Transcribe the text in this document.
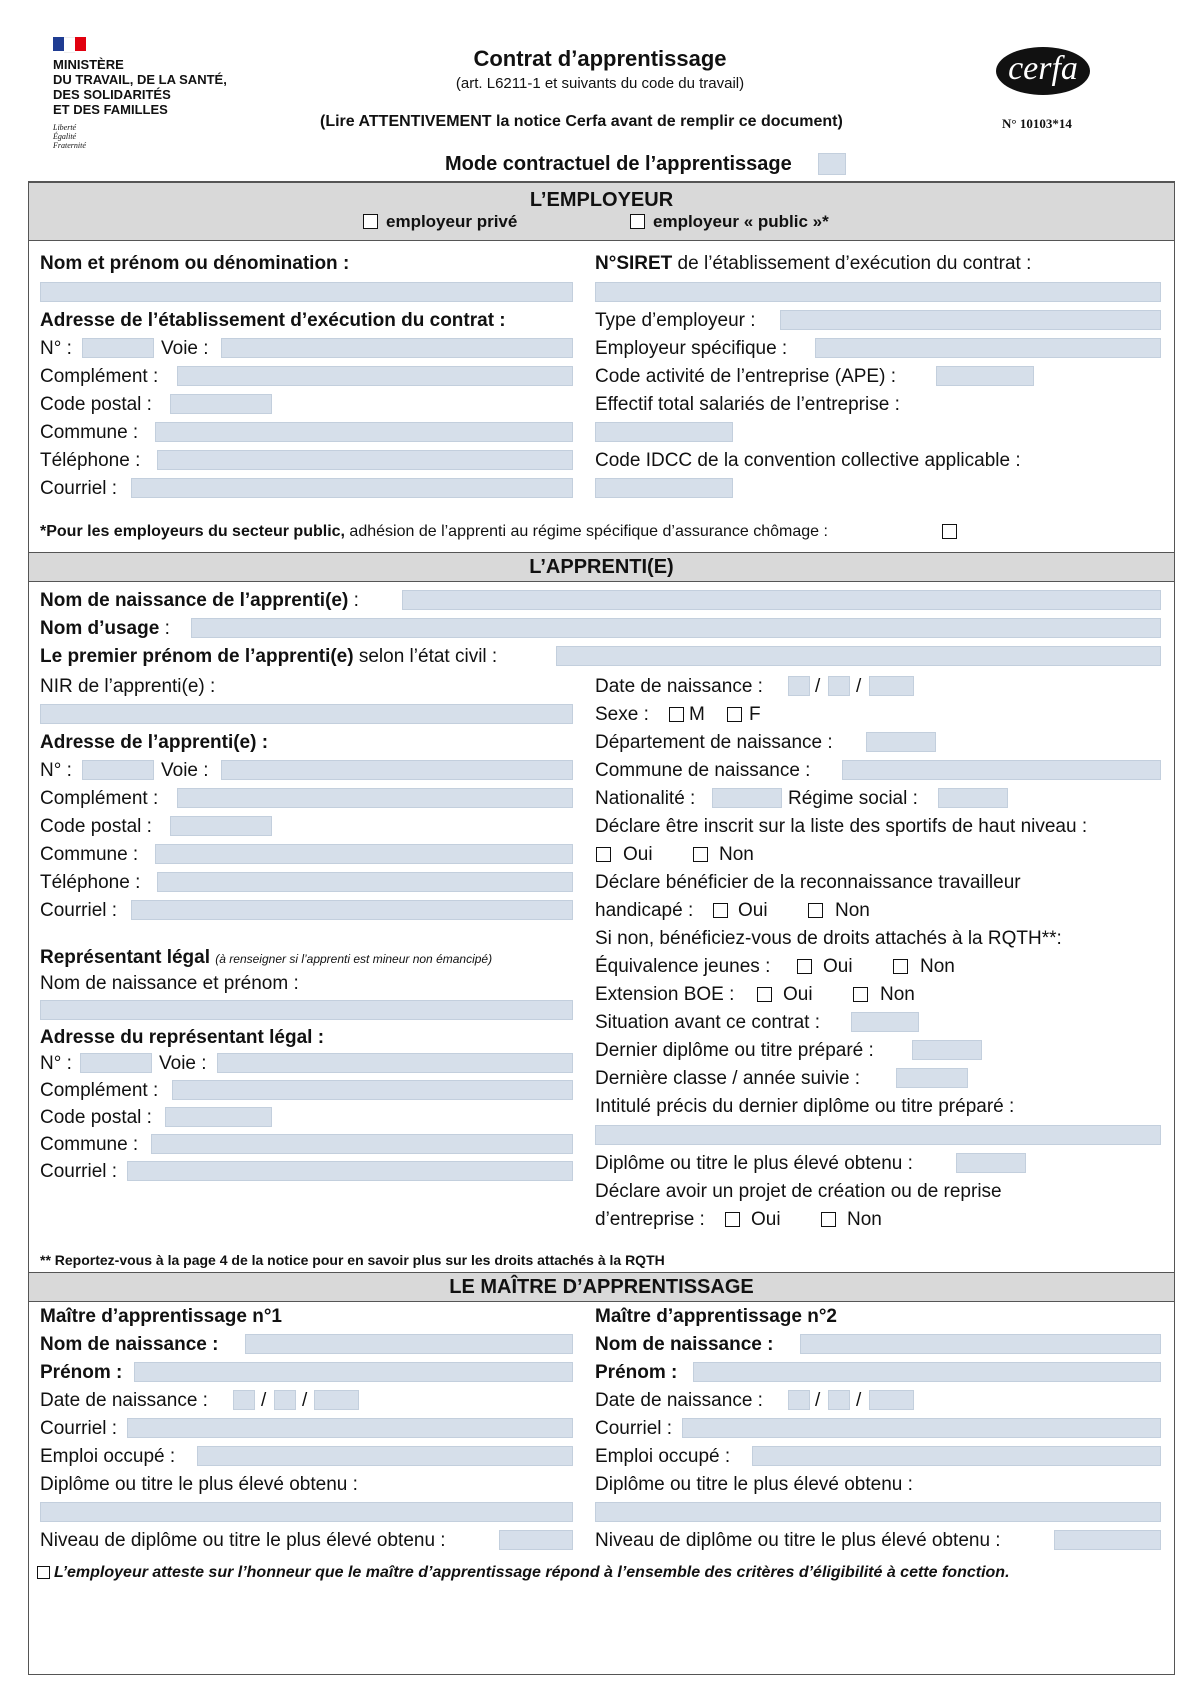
MINISTÈRE
DU TRAVAIL, DE LA SANTÉ,
DES SOLIDARITÉS
ET DES FAMILLES
Liberté
Égalité
Fraternité
Contrat d’apprentissage
(art. L6211-1 et suivants du code du travail)
(Lire ATTENTIVEMENT la notice Cerfa avant de remplir ce document)
cerfa
N° 10103*14
Mode contractuel de l’apprentissage
L’EMPLOYEUR
employeur privé	employeur « public »*
Nom et prénom ou dénomination :	N°SIRET de l’établissement d’exécution du contrat :
Adresse de l’établissement d’exécution du contrat :
N° :	Voie :
Complément :
Code postal :
Commune :
Téléphone :
Courriel :
Type d’employeur :
Employeur spécifique :
Code activité de l’entreprise (APE) :
Effectif total salariés de l’entreprise :
Code IDCC de la convention collective applicable :
*Pour les employeurs du secteur public, adhésion de l’apprenti au régime spécifique d’assurance chômage :
L’APPRENTI(E)
Nom de naissance de l’apprenti(e) :
Nom d’usage :
Le premier prénom de l’apprenti(e) selon l’état civil :
NIR de l’apprenti(e) :
Adresse de l’apprenti(e) :
N° :	Voie :
Complément :
Code postal :
Commune :
Téléphone :
Courriel :
Représentant légal (à renseigner si l’apprenti est mineur non émancipé)
Nom de naissance et prénom :
Adresse du représentant légal :
N° :	Voie :
Complément :
Code postal :
Commune :
Courriel :
Date de naissance :	/ /
Sexe : M F
Département de naissance :
Commune de naissance :
Nationalité :	Régime social :
Déclare être inscrit sur la liste des sportifs de haut niveau :
Oui	Non
Déclare bénéficier de la reconnaissance travailleur
handicapé : Oui	Non
Si non, bénéficiez-vous de droits attachés à la RQTH**:
Équivalence jeunes :	Oui	Non
Extension BOE :	Oui	Non
Situation avant ce contrat :
Dernier diplôme ou titre préparé :
Dernière classe / année suivie :
Intitulé précis du dernier diplôme ou titre préparé :
Diplôme ou titre le plus élevé obtenu :
Déclare avoir un projet de création ou de reprise
d’entreprise : Oui	Non
** Reportez-vous à la page 4 de la notice pour en savoir plus sur les droits attachés à la RQTH
LE MAÎTRE D’APPRENTISSAGE
Maître d’apprentissage n°1
Nom de naissance :
Prénom :
Date de naissance :	/ /
Courriel :
Emploi occupé :
Diplôme ou titre le plus élevé obtenu :
Niveau de diplôme ou titre le plus élevé obtenu :
Maître d’apprentissage n°2
Nom de naissance :
Prénom :
Date de naissance :	/ /
Courriel :
Emploi occupé :
Diplôme ou titre le plus élevé obtenu :
Niveau de diplôme ou titre le plus élevé obtenu :
L’employeur atteste sur l’honneur que le maître d’apprentissage répond à l’ensemble des critères d’éligibilité à cette fonction.
